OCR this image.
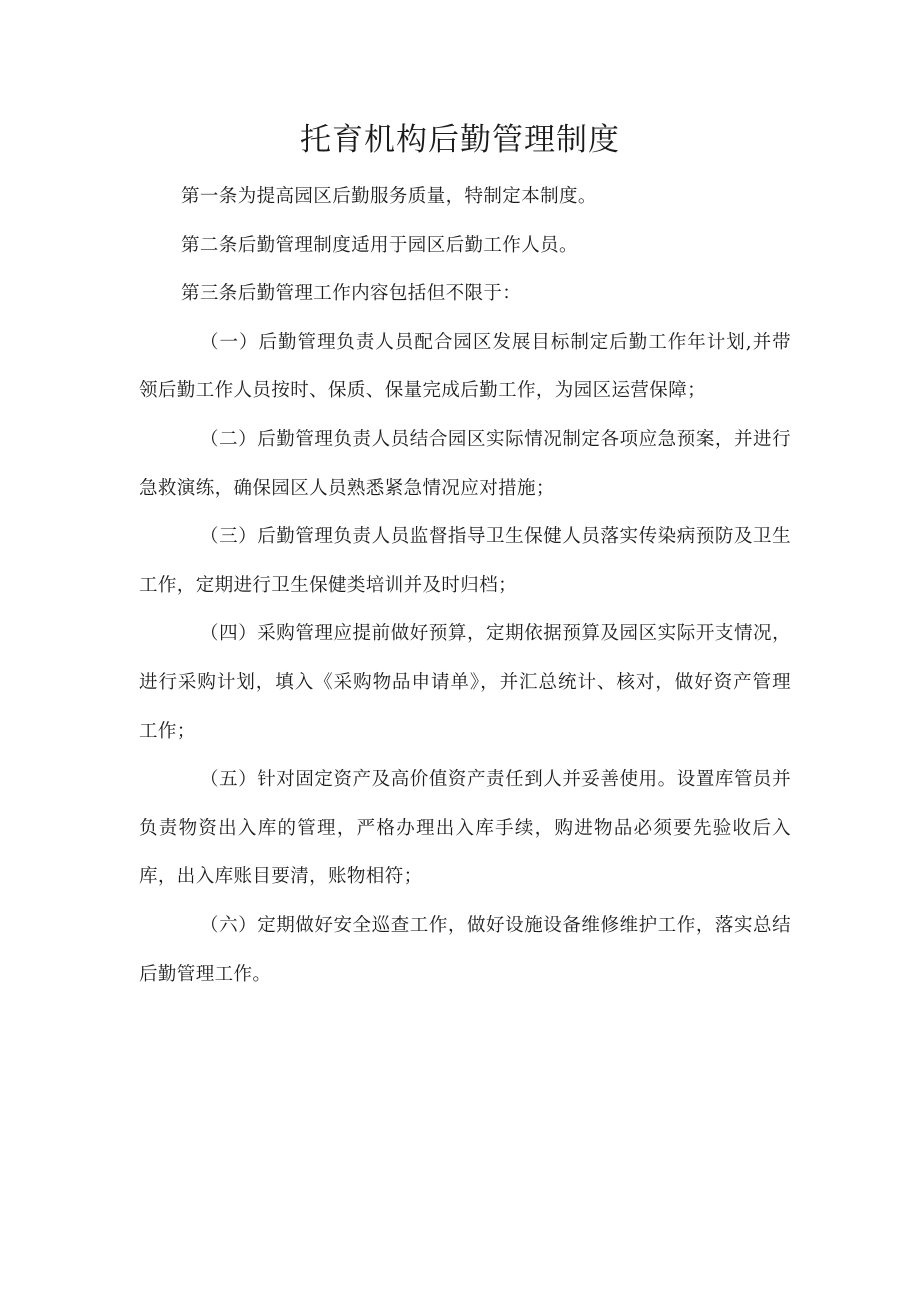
托育机构后勤管理制度

第一条为提高园区后勤服务质量，特制定本制度。

第二条后勤管理制度适用于园区后勤工作人员。

第三条后勤管理工作内容包括但不限于：

（一）后勤管理负责人员配合园区发展目标制定后勤工作年计划,并带领后勤工作人员按时、保质、保量完成后勤工作，为园区运营保障；

（二）后勤管理负责人员结合园区实际情况制定各项应急预案，并进行急救演练，确保园区人员熟悉紧急情况应对措施；

（三）后勤管理负责人员监督指导卫生保健人员落实传染病预防及卫生工作，定期进行卫生保健类培训并及时归档；

（四）采购管理应提前做好预算，定期依据预算及园区实际开支情况，进行采购计划，填入《采购物品申请单》，并汇总统计、核对，做好资产管理工作；

（五）针对固定资产及高价值资产责任到人并妥善使用。设置库管员并负责物资出入库的管理，严格办理出入库手续，购进物品必须要先验收后入库，出入库账目要清，账物相符；

（六）定期做好安全巡查工作，做好设施设备维修维护工作，落实总结后勤管理工作。
